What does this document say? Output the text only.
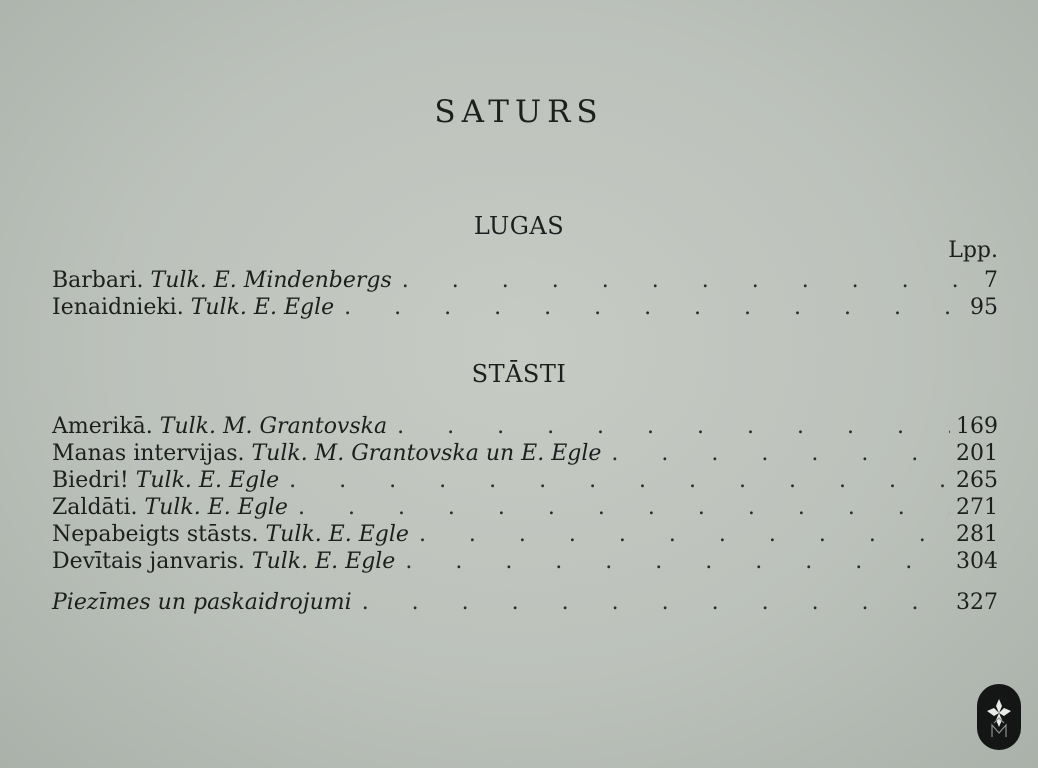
SATURS
LUGAS
Lpp.
Barbari. Tulk. E. Mindenbergs . . .	7
Ienaidnieki. Tulk. E. Egle . . .	95
STĀSTI
Amerikā. Tulk. M. Grantovska . . .	169
Manas intervijas. Tulk. M. Grantovska un E. Egle . . .	201
Biedri! Tulk. E. Egle . . .	265
Zaldāti. Tulk. E. Egle . . .	271
Nepabeigts stāsts. Tulk. E. Egle . . .	281
Devītais janvaris. Tulk. E. Egle . . .	304
Piezīmes un paskaidrojumi . . .	327
